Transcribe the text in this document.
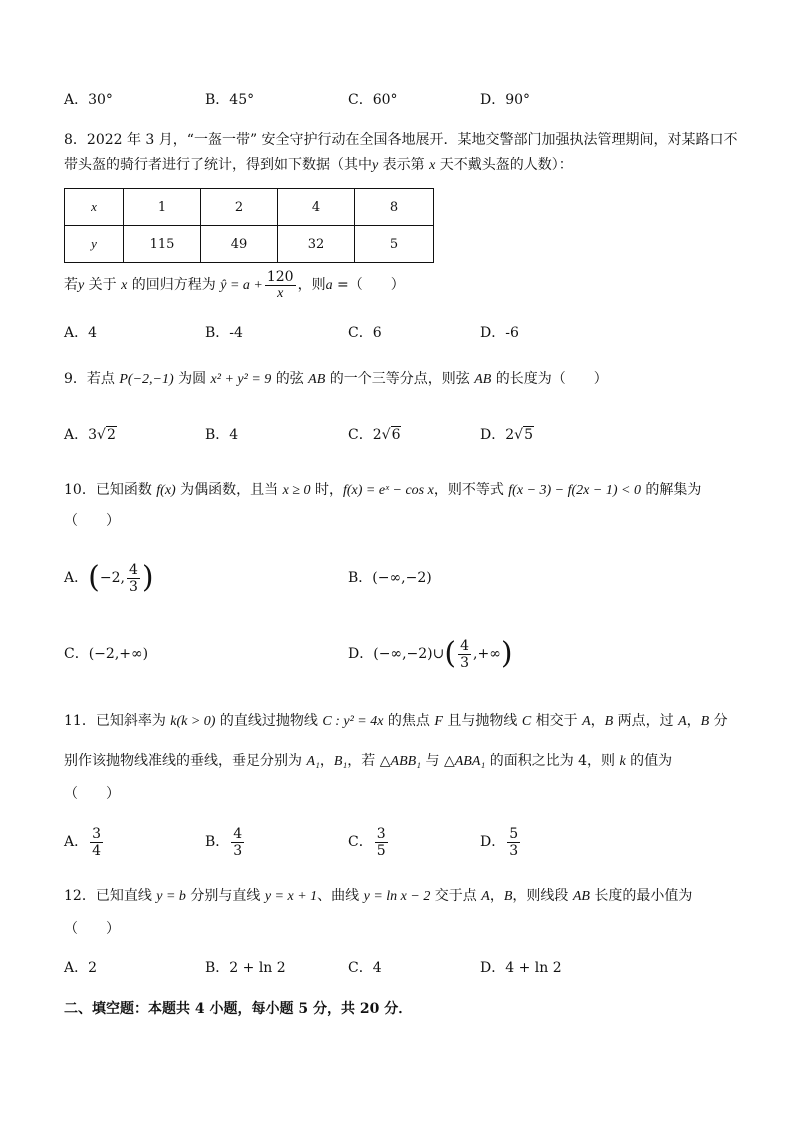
A．30°	B．45°	C．60°	D．90°
8．2022 年 3 月，“一盔一带” 安全守护行动在全国各地展开．某地交警部门加强执法管理期间，对某路口不
带头盔的骑行者进行了统计，得到如下数据（其中y 表示第 x 天不戴头盔的人数）：
x	1	2	4	8
y	115	49	32	5
若y 关于 x 的回归方程为 ŷ = $a + \frac{120}{x}$ ，则a =（　　）
A．4	B．-4	C．6	D．-6
9．若点 P(−2,−1) 为圆 x² + y² = 9 的弦 AB 的一个三等分点，则弦 AB 的长度为（　　）
A．3√2	B．4	C．2√6	D．2√5
10．已知函数 f(x) 为偶函数，且当 x ≥ 0 时，f(x) = eˣ − cos x，则不等式 f(x − 3) − f(2x − 1) < 0 的解集为
（　　）
A．(−2, $\frac{4}{3}$ )	B．(−∞,−2)
C．(−2,+∞)	D．(−∞,−2)∪( $\frac{4}{3}$ ,+∞)
11．已知斜率为 k(k > 0) 的直线过抛物线 C : y² = 4x 的焦点 F 且与抛物线 C 相交于 A，B 两点，过 A，B 分
别作该抛物线准线的垂线，垂足分别为 A₁，B₁，若 △ABB₁ 与 △ABA₁ 的面积之比为 4，则 k 的值为
（　　）
A． $\frac{3}{4}$	B． $\frac{4}{3}$	C． $\frac{3}{5}$	D． $\frac{5}{3}$
12．已知直线 y = b 分别与直线 y = x + 1、曲线 y = ln x − 2 交于点 A，B，则线段 AB 长度的最小值为
（　　）
A．2	B．2 + ln 2	C．4	D．4 + ln 2
二、填空题：本题共 4 小题，每小题 5 分，共 20 分．
